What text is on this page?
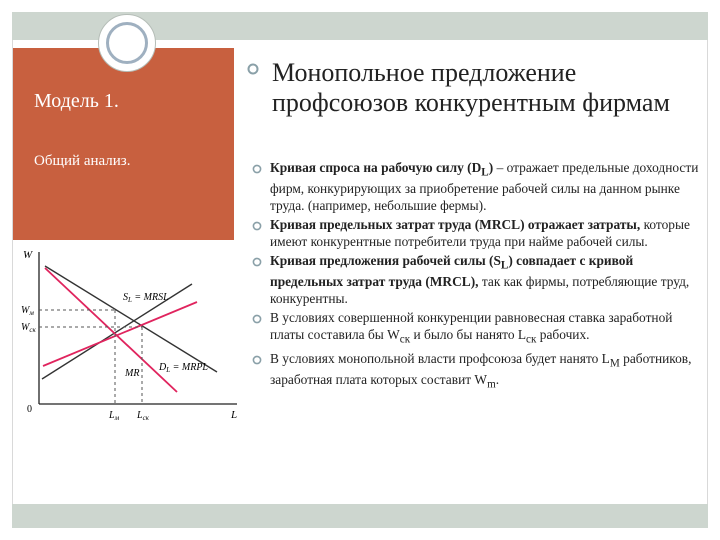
Модель 1.
Общий анализ.
W
L
0
$W_м$
$W_{ск}$
$L_м$ $L_{ск}$
$S_L$ = MRSL
$D_L$ = MRPL
MR
Монопольное предложение профсоюзов конкурентным фирмам
Кривая спроса на рабочую силу $(D_L)$ – отражает предельные доходности фирм, конкурирующих за приобретение рабочей силы на данном рынке труда. (например, небольшие фермы).
Кривая предельных затрат труда (MRCL) отражает затраты, которые имеют конкурентные потребители труда при найме рабочей силы.
Кривая предложения рабочей силы $(S_L)$ совпадает с кривой предельных затрат труда (MRCL), так как фирмы, потребляющие труд, конкурентны.
В условиях совершенной конкуренции равновесная ставка заработной платы составила бы $W_{ск}$ и было бы нанято $L_{ск}$ рабочих.
В условиях монопольной власти профсоюза будет нанято $L_M$ работников, заработная плата которых составит $W_m$.
